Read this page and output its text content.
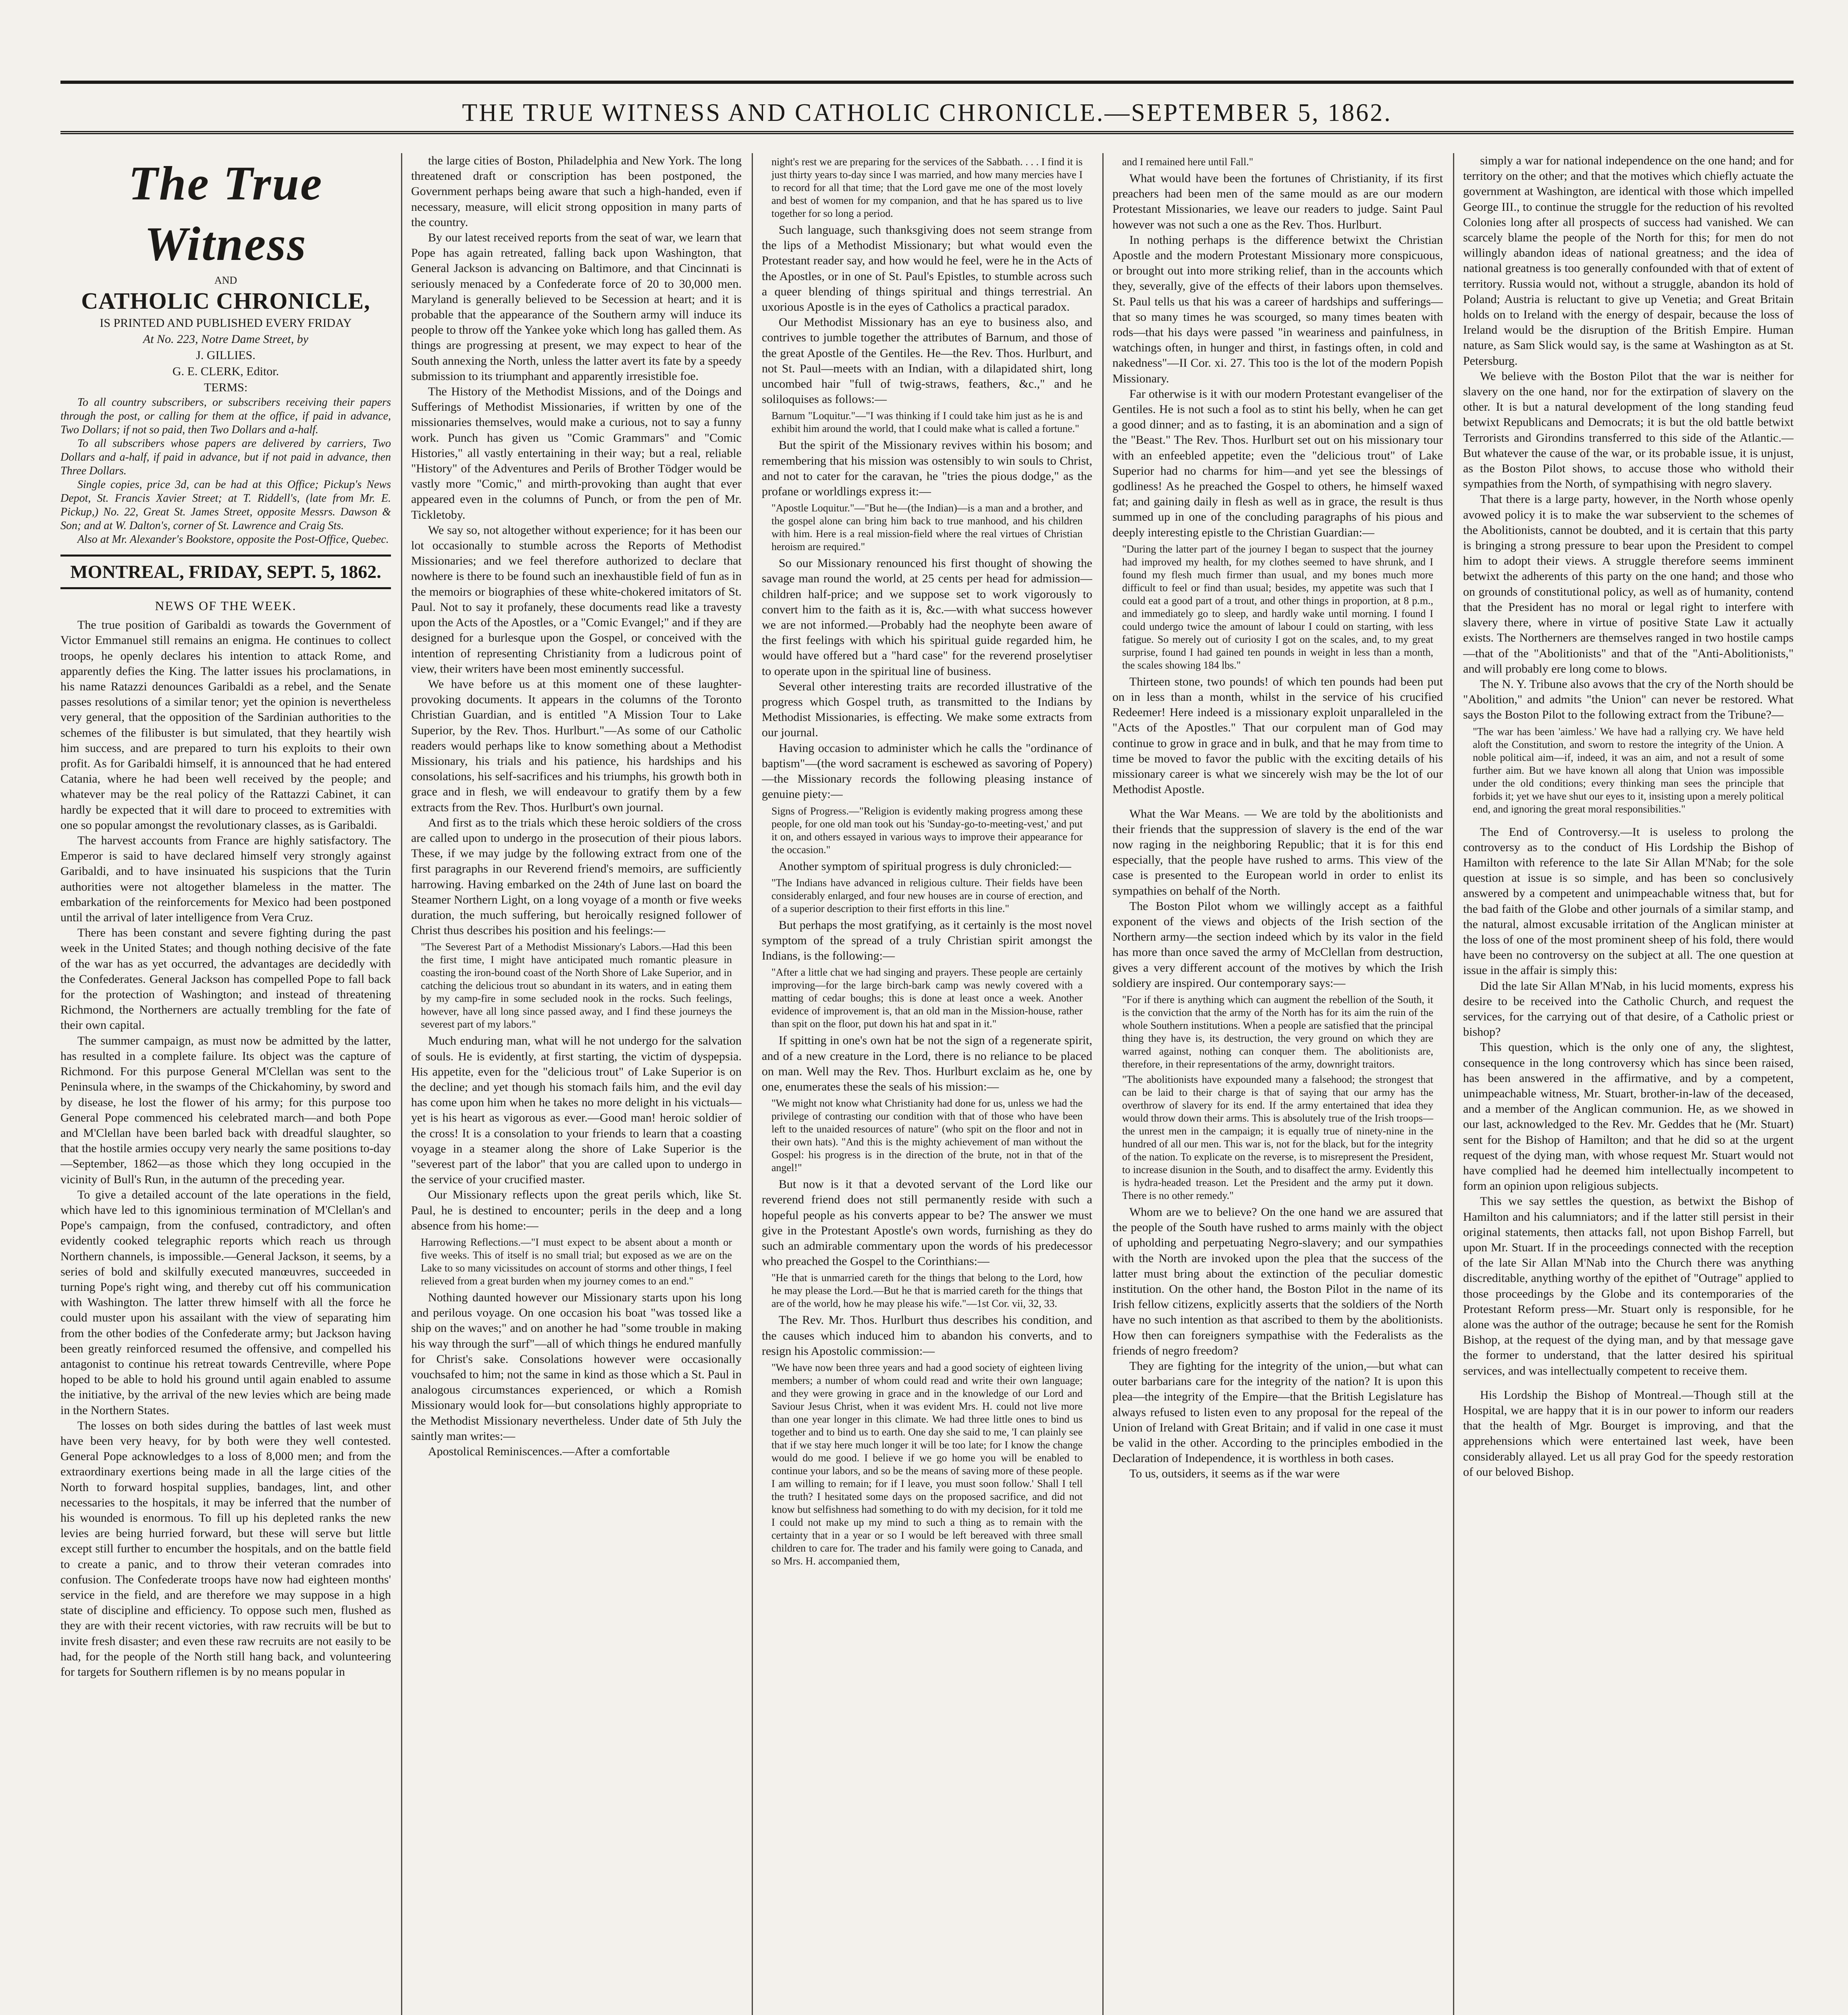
THE TRUE WITNESS AND CATHOLIC CHRONICLE.—SEPTEMBER 5, 1862.
The True Witness
AND
CATHOLIC CHRONICLE,
IS PRINTED AND PUBLISHED EVERY FRIDAY
At No. 223, Notre Dame Street, by
J. GILLIES.
G. E. CLERK, Editor.
TERMS:

To all country subscribers, or subscribers receiving their papers through the post, or calling for them at the office, if paid in advance, Two Dollars; if not so paid, then Two Dollars and a-half.

To all subscribers whose papers are delivered by carriers, Two Dollars and a-half, if paid in advance, but if not paid in advance, then Three Dollars.

Single copies, price 3d, can be had at this Office; Pickup's News Depot, St. Francis Xavier Street; at T. Riddell's, (late from Mr. E. Pickup,) No. 22, Great St. James Street, opposite Messrs. Dawson & Son; and at W. Dalton's, corner of St. Lawrence and Craig Sts.

Also at Mr. Alexander's Bookstore, opposite the Post-Office, Quebec.

MONTREAL, FRIDAY, SEPT. 5, 1862.

NEWS OF THE WEEK.

The true position of Garibaldi as towards the Government of Victor Emmanuel still remains an enigma. He continues to collect troops, he openly declares his intention to attack Rome, and apparently defies the King. The latter issues his proclamations, in his name Ratazzi denounces Garibaldi as a rebel, and the Senate passes resolutions of a similar tenor; yet the opinion is nevertheless very general, that the opposition of the Sardinian authorities to the schemes of the filibuster is but simulated, that they heartily wish him success, and are prepared to turn his exploits to their own profit. As for Garibaldi himself, it is announced that he had entered Catania, where he had been well received by the people; and whatever may be the real policy of the Rattazzi Cabinet, it can hardly be expected that it will dare to proceed to extremities with one so popular amongst the revolutionary classes, as is Garibaldi.

The harvest accounts from France are highly satisfactory. The Emperor is said to have declared himself very strongly against Garibaldi, and to have insinuated his suspicions that the Turin authorities were not altogether blameless in the matter. The embarkation of the reinforcements for Mexico had been postponed until the arrival of later intelligence from Vera Cruz.

There has been constant and severe fighting during the past week in the United States; and though nothing decisive of the fate of the war has as yet occurred, the advantages are decidedly with the Confederates. General Jackson has compelled Pope to fall back for the protection of Washington; and instead of threatening Richmond, the Northerners are actually trembling for the fate of their own capital.

The summer campaign, as must now be admitted by the latter, has resulted in a complete failure. Its object was the capture of Richmond. For this purpose General M'Clellan was sent to the Peninsula where, in the swamps of the Chickahominy, by sword and by disease, he lost the flower of his army; for this purpose too General Pope commenced his celebrated march—and both Pope and M'Clellan have been barled back with dreadful slaughter, so that the hostile armies occupy very nearly the same positions to-day—September, 1862—as those which they long occupied in the vicinity of Bull's Run, in the autumn of the preceding year.

To give a detailed account of the late operations in the field, which have led to this ignominious termination of M'Clellan's and Pope's campaign, from the confused, contradictory, and often evidently cooked telegraphic reports which reach us through Northern channels, is impossible.—General Jackson, it seems, by a series of bold and skilfully executed manœuvres, succeeded in turning Pope's right wing, and thereby cut off his communication with Washington. The latter threw himself with all the force he could muster upon his assailant with the view of separating him from the other bodies of the Confederate army; but Jackson having been greatly reinforced resumed the offensive, and compelled his antagonist to continue his retreat towards Centreville, where Pope hoped to be able to hold his ground until again enabled to assume the initiative, by the arrival of the new levies which are being made in the Northern States.

The losses on both sides during the battles of last week must have been very heavy, for by both were they well contested. General Pope acknowledges to a loss of 8,000 men; and from the extraordinary exertions being made in all the large cities of the North to forward hospital supplies, bandages, lint, and other necessaries to the hospitals, it may be inferred that the number of his wounded is enormous. To fill up his depleted ranks the new levies are being hurried forward, but these will serve but little except still further to encumber the hospitals, and on the battle field to create a panic, and to throw their veteran comrades into confusion. The Confederate troops have now had eighteen months' service in the field, and are therefore we may suppose in a high state of discipline and efficiency. To oppose such men, flushed as they are with their recent victories, with raw recruits will be but to invite fresh disaster; and even these raw recruits are not easily to be had, for the people of the North still hang back, and volunteering for targets for Southern riflemen is by no means popular in

the large cities of Boston, Philadelphia and New York. The long threatened draft or conscription has been postponed, the Government perhaps being aware that such a high-handed, even if necessary, measure, will elicit strong opposition in many parts of the country.

By our latest received reports from the seat of war, we learn that Pope has again retreated, falling back upon Washington, that General Jackson is advancing on Baltimore, and that Cincinnati is seriously menaced by a Confederate force of 20 to 30,000 men. Maryland is generally believed to be Secession at heart; and it is probable that the appearance of the Southern army will induce its people to throw off the Yankee yoke which long has galled them. As things are progressing at present, we may expect to hear of the South annexing the North, unless the latter avert its fate by a speedy submission to its triumphant and apparently irresistible foe.

The History of the Methodist Missions, and of the Doings and Sufferings of Methodist Missionaries, if written by one of the missionaries themselves, would make a curious, not to say a funny work. Punch has given us "Comic Grammars" and "Comic Histories," all vastly entertaining in their way; but a real, reliable "History" of the Adventures and Perils of Brother Tödger would be vastly more "Comic," and mirth-provoking than aught that ever appeared even in the columns of Punch, or from the pen of Mr. Tickletoby.

We say so, not altogether without experience; for it has been our lot occasionally to stumble across the Reports of Methodist Missionaries; and we feel therefore authorized to declare that nowhere is there to be found such an inexhaustible field of fun as in the memoirs or biographies of these white-chokered imitators of St. Paul. Not to say it profanely, these documents read like a travesty upon the Acts of the Apostles, or a "Comic Evangel;" and if they are designed for a burlesque upon the Gospel, or conceived with the intention of representing Christianity from a ludicrous point of view, their writers have been most eminently successful.

We have before us at this moment one of these laughter-provoking documents. It appears in the columns of the Toronto Christian Guardian, and is entitled "A Mission Tour to Lake Superior, by the Rev. Thos. Hurlburt."—As some of our Catholic readers would perhaps like to know something about a Methodist Missionary, his trials and his patience, his hardships and his consolations, his self-sacrifices and his triumphs, his growth both in grace and in flesh, we will endeavour to gratify them by a few extracts from the Rev. Thos. Hurlburt's own journal.

And first as to the trials which these heroic soldiers of the cross are called upon to undergo in the prosecution of their pious labors. These, if we may judge by the following extract from one of the first paragraphs in our Reverend friend's memoirs, are sufficiently harrowing. Having embarked on the 24th of June last on board the Steamer Northern Light, on a long voyage of a month or five weeks duration, the much suffering, but heroically resigned follower of Christ thus describes his position and his feelings:—

"The Severest Part of a Methodist Missionary's Labors.—Had this been the first time, I might have anticipated much romantic pleasure in coasting the iron-bound coast of the North Shore of Lake Superior, and in catching the delicious trout so abundant in its waters, and in eating them by my camp-fire in some secluded nook in the rocks. Such feelings, however, have all long since passed away, and I find these journeys the severest part of my labors."

Much enduring man, what will he not undergo for the salvation of souls. He is evidently, at first starting, the victim of dyspepsia. His appetite, even for the "delicious trout" of Lake Superior is on the decline; and yet though his stomach fails him, and the evil day has come upon him when he takes no more delight in his victuals—yet is his heart as vigorous as ever.—Good man! heroic soldier of the cross! It is a consolation to your friends to learn that a coasting voyage in a steamer along the shore of Lake Superior is the "severest part of the labor" that you are called upon to undergo in the service of your crucified master.

Our Missionary reflects upon the great perils which, like St. Paul, he is destined to encounter; perils in the deep and a long absence from his home:—

Harrowing Reflections.—"I must expect to be absent about a month or five weeks. This of itself is no small trial; but exposed as we are on the Lake to so many vicissitudes on account of storms and other things, I feel relieved from a great burden when my journey comes to an end."

Nothing daunted however our Missionary starts upon his long and perilous voyage. On one occasion his boat "was tossed like a ship on the waves;" and on another he had "some trouble in making his way through the surf"—all of which things he endured manfully for Christ's sake. Consolations however were occasionally vouchsafed to him; not the same in kind as those which a St. Paul in analogous circumstances experienced, or which a Romish Missionary would look for—but consolations highly appropriate to the Methodist Missionary nevertheless. Under date of 5th July the saintly man writes:—

Apostolical Reminiscences.—After a comfortable

night's rest we are preparing for the services of the Sabbath. . . . I find it is just thirty years to-day since I was married, and how many mercies have I to record for all that time; that the Lord gave me one of the most lovely and best of women for my companion, and that he has spared us to live together for so long a period.

Such language, such thanksgiving does not seem strange from the lips of a Methodist Missionary; but what would even the Protestant reader say, and how would he feel, were he in the Acts of the Apostles, or in one of St. Paul's Epistles, to stumble across such a queer blending of things spiritual and things terrestrial. An uxorious Apostle is in the eyes of Catholics a practical paradox.

Our Methodist Missionary has an eye to business also, and contrives to jumble together the attributes of Barnum, and those of the great Apostle of the Gentiles. He—the Rev. Thos. Hurlburt, and not St. Paul—meets with an Indian, with a dilapidated shirt, long uncombed hair "full of twig-straws, feathers, &c.," and he soliloquises as follows:—

Barnum "Loquitur."—"I was thinking if I could take him just as he is and exhibit him around the world, that I could make what is called a fortune."

But the spirit of the Missionary revives within his bosom; and remembering that his mission was ostensibly to win souls to Christ, and not to cater for the caravan, he "tries the pious dodge," as the profane or worldlings express it:—

"Apostle Loquitur."—"But he—(the Indian)—is a man and a brother, and the gospel alone can bring him back to true manhood, and his children with him. Here is a real mission-field where the real virtues of Christian heroism are required."

So our Missionary renounced his first thought of showing the savage man round the world, at 25 cents per head for admission—children half-price; and we suppose set to work vigorously to convert him to the faith as it is, &c.—with what success however we are not informed.—Probably had the neophyte been aware of the first feelings with which his spiritual guide regarded him, he would have offered but a "hard case" for the reverend proselytiser to operate upon in the spiritual line of business.

Several other interesting traits are recorded illustrative of the progress which Gospel truth, as transmitted to the Indians by Methodist Missionaries, is effecting. We make some extracts from our journal.

Having occasion to administer which he calls the "ordinance of baptism"—(the word sacrament is eschewed as savoring of Popery)—the Missionary records the following pleasing instance of genuine piety:—

Signs of Progress.—"Religion is evidently making progress among these people, for one old man took out his 'Sunday-go-to-meeting-vest,' and put it on, and others essayed in various ways to improve their appearance for the occasion."

Another symptom of spiritual progress is duly chronicled:—

"The Indians have advanced in religious culture. Their fields have been considerably enlarged, and four new houses are in course of erection, and of a superior description to their first efforts in this line."

But perhaps the most gratifying, as it certainly is the most novel symptom of the spread of a truly Christian spirit amongst the Indians, is the following:—

"After a little chat we had singing and prayers. These people are certainly improving—for the large birch-bark camp was newly covered with a matting of cedar boughs; this is done at least once a week. Another evidence of improvement is, that an old man in the Mission-house, rather than spit on the floor, put down his hat and spat in it."

If spitting in one's own hat be not the sign of a regenerate spirit, and of a new creature in the Lord, there is no reliance to be placed on man. Well may the Rev. Thos. Hurlburt exclaim as he, one by one, enumerates these the seals of his mission:—

"We might not know what Christianity had done for us, unless we had the privilege of contrasting our condition with that of those who have been left to the unaided resources of nature" (who spit on the floor and not in their own hats). "And this is the mighty achievement of man without the Gospel: his progress is in the direction of the brute, not in that of the angel!"

But now is it that a devoted servant of the Lord like our reverend friend does not still permanently reside with such a hopeful people as his converts appear to be? The answer we must give in the Protestant Apostle's own words, furnishing as they do such an admirable commentary upon the words of his predecessor who preached the Gospel to the Corinthians:—

"He that is unmarried careth for the things that belong to the Lord, how he may please the Lord.—But he that is married careth for the things that are of the world, how he may please his wife."—1st Cor. vii, 32, 33.

The Rev. Mr. Thos. Hurlburt thus describes his condition, and the causes which induced him to abandon his converts, and to resign his Apostolic commission:—

"We have now been three years and had a good society of eighteen living members; a number of whom could read and write their own language; and they were growing in grace and in the knowledge of our Lord and Saviour Jesus Christ, when it was evident Mrs. H. could not live more than one year longer in this climate. We had three little ones to bind us together and to bind us to earth. One day she said to me, 'I can plainly see that if we stay here much longer it will be too late; for I know the change would do me good. I believe if we go home you will be enabled to continue your labors, and so be the means of saving more of these people. I am willing to remain; for if I leave, you must soon follow.' Shall I tell the truth? I hesitated some days on the proposed sacrifice, and did not know but selfishness had something to do with my decision, for it told me I could not make up my mind to such a thing as to remain with the certainty that in a year or so I would be left bereaved with three small children to care for. The trader and his family were going to Canada, and so Mrs. H. accompanied them,

and I remained here until Fall."

What would have been the fortunes of Christianity, if its first preachers had been men of the same mould as are our modern Protestant Missionaries, we leave our readers to judge. Saint Paul however was not such a one as the Rev. Thos. Hurlburt.

In nothing perhaps is the difference betwixt the Christian Apostle and the modern Protestant Missionary more conspicuous, or brought out into more striking relief, than in the accounts which they, severally, give of the effects of their labors upon themselves. St. Paul tells us that his was a career of hardships and sufferings—that so many times he was scourged, so many times beaten with rods—that his days were passed "in weariness and painfulness, in watchings often, in hunger and thirst, in fastings often, in cold and nakedness"—II Cor. xi. 27. This too is the lot of the modern Popish Missionary.

Far otherwise is it with our modern Protestant evangeliser of the Gentiles. He is not such a fool as to stint his belly, when he can get a good dinner; and as to fasting, it is an abomination and a sign of the "Beast." The Rev. Thos. Hurlburt set out on his missionary tour with an enfeebled appetite; even the "delicious trout" of Lake Superior had no charms for him—and yet see the blessings of godliness! As he preached the Gospel to others, he himself waxed fat; and gaining daily in flesh as well as in grace, the result is thus summed up in one of the concluding paragraphs of his pious and deeply interesting epistle to the Christian Guardian:—

"During the latter part of the journey I began to suspect that the journey had improved my health, for my clothes seemed to have shrunk, and I found my flesh much firmer than usual, and my bones much more difficult to feel or find than usual; besides, my appetite was such that I could eat a good part of a trout, and other things in proportion, at 8 p.m., and immediately go to sleep, and hardly wake until morning. I found I could undergo twice the amount of labour I could on starting, with less fatigue. So merely out of curiosity I got on the scales, and, to my great surprise, found I had gained ten pounds in weight in less than a month, the scales showing 184 lbs."

Thirteen stone, two pounds! of which ten pounds had been put on in less than a month, whilst in the service of his crucified Redeemer! Here indeed is a missionary exploit unparalleled in the "Acts of the Apostles." That our corpulent man of God may continue to grow in grace and in bulk, and that he may from time to time be moved to favor the public with the exciting details of his missionary career is what we sincerely wish may be the lot of our Methodist Apostle.

What the War Means. — We are told by the abolitionists and their friends that the suppression of slavery is the end of the war now raging in the neighboring Republic; that it is for this end especially, that the people have rushed to arms. This view of the case is presented to the European world in order to enlist its sympathies on behalf of the North.

The Boston Pilot whom we willingly accept as a faithful exponent of the views and objects of the Irish section of the Northern army—the section indeed which by its valor in the field has more than once saved the army of McClellan from destruction, gives a very different account of the motives by which the Irish soldiery are inspired. Our contemporary says:—

"For if there is anything which can augment the rebellion of the South, it is the conviction that the army of the North has for its aim the ruin of the whole Southern institutions. When a people are satisfied that the principal thing they have is, its destruction, the very ground on which they are warred against, nothing can conquer them. The abolitionists are, therefore, in their representations of the army, downright traitors.

"The abolitionists have expounded many a falsehood; the strongest that can be laid to their charge is that of saying that our army has the overthrow of slavery for its end. If the army entertained that idea they would throw down their arms. This is absolutely true of the Irish troops—the unrest men in the campaign; it is equally true of ninety-nine in the hundred of all our men. This war is, not for the black, but for the integrity of the nation. To explicate on the reverse, is to misrepresent the President, to increase disunion in the South, and to disaffect the army. Evidently this is hydra-headed treason. Let the President and the army put it down. There is no other remedy."

Whom are we to believe? On the one hand we are assured that the people of the South have rushed to arms mainly with the object of upholding and perpetuating Negro-slavery; and our sympathies with the North are invoked upon the plea that the success of the latter must bring about the extinction of the peculiar domestic institution. On the other hand, the Boston Pilot in the name of its Irish fellow citizens, explicitly asserts that the soldiers of the North have no such intention as that ascribed to them by the abolitionists. How then can foreigners sympathise with the Federalists as the friends of negro freedom?

They are fighting for the integrity of the union,—but what can outer barbarians care for the integrity of the nation? It is upon this plea—the integrity of the Empire—that the British Legislature has always refused to listen even to any proposal for the repeal of the Union of Ireland with Great Britain; and if valid in one case it must be valid in the other. According to the principles embodied in the Declaration of Independence, it is worthless in both cases.

To us, outsiders, it seems as if the war were

simply a war for national independence on the one hand; and for territory on the other; and that the motives which chiefly actuate the government at Washington, are identical with those which impelled George III., to continue the struggle for the reduction of his revolted Colonies long after all prospects of success had vanished. We can scarcely blame the people of the North for this; for men do not willingly abandon ideas of national greatness; and the idea of national greatness is too generally confounded with that of extent of territory. Russia would not, without a struggle, abandon its hold of Poland; Austria is reluctant to give up Venetia; and Great Britain holds on to Ireland with the energy of despair, because the loss of Ireland would be the disruption of the British Empire. Human nature, as Sam Slick would say, is the same at Washington as at St. Petersburg.

We believe with the Boston Pilot that the war is neither for slavery on the one hand, nor for the extirpation of slavery on the other. It is but a natural development of the long standing feud betwixt Republicans and Democrats; it is but the old battle betwixt Terrorists and Girondins transferred to this side of the Atlantic.—But whatever the cause of the war, or its probable issue, it is unjust, as the Boston Pilot shows, to accuse those who withold their sympathies from the North, of sympathising with negro slavery.

That there is a large party, however, in the North whose openly avowed policy it is to make the war subservient to the schemes of the Abolitionists, cannot be doubted, and it is certain that this party is bringing a strong pressure to bear upon the President to compel him to adopt their views. A struggle therefore seems imminent betwixt the adherents of this party on the one hand; and those who on grounds of constitutional policy, as well as of humanity, contend that the President has no moral or legal right to interfere with slavery there, where in virtue of positive State Law it actually exists. The Northerners are themselves ranged in two hostile camps—that of the "Abolitionists" and that of the "Anti-Abolitionists," and will probably ere long come to blows.

The N. Y. Tribune also avows that the cry of the North should be "Abolition," and admits "the Union" can never be restored. What says the Boston Pilot to the following extract from the Tribune?—

"The war has been 'aimless.' We have had a rallying cry. We have held aloft the Constitution, and sworn to restore the integrity of the Union. A noble political aim—if, indeed, it was an aim, and not a result of some further aim. But we have known all along that Union was impossible under the old conditions; every thinking man sees the principle that forbids it; yet we have shut our eyes to it, insisting upon a merely political end, and ignoring the great moral responsibilities."

The End of Controversy.—It is useless to prolong the controversy as to the conduct of His Lordship the Bishop of Hamilton with reference to the late Sir Allan M'Nab; for the sole question at issue is so simple, and has been so conclusively answered by a competent and unimpeachable witness that, but for the bad faith of the Globe and other journals of a similar stamp, and the natural, almost excusable irritation of the Anglican minister at the loss of one of the most prominent sheep of his fold, there would have been no controversy on the subject at all. The one question at issue in the affair is simply this:

Did the late Sir Allan M'Nab, in his lucid moments, express his desire to be received into the Catholic Church, and request the services, for the carrying out of that desire, of a Catholic priest or bishop?

This question, which is the only one of any, the slightest, consequence in the long controversy which has since been raised, has been answered in the affirmative, and by a competent, unimpeachable witness, Mr. Stuart, brother-in-law of the deceased, and a member of the Anglican communion. He, as we showed in our last, acknowledged to the Rev. Mr. Geddes that he (Mr. Stuart) sent for the Bishop of Hamilton; and that he did so at the urgent request of the dying man, with whose request Mr. Stuart would not have complied had he deemed him intellectually incompetent to form an opinion upon religious subjects.

This we say settles the question, as betwixt the Bishop of Hamilton and his calumniators; and if the latter still persist in their original statements, then attacks fall, not upon Bishop Farrell, but upon Mr. Stuart. If in the proceedings connected with the reception of the late Sir Allan M'Nab into the Church there was anything discreditable, anything worthy of the epithet of "Outrage" applied to those proceedings by the Globe and its contemporaries of the Protestant Reform press—Mr. Stuart only is responsible, for he alone was the author of the outrage; because he sent for the Romish Bishop, at the request of the dying man, and by that message gave the former to understand, that the latter desired his spiritual services, and was intellectually competent to receive them.

His Lordship the Bishop of Montreal.—Though still at the Hospital, we are happy that it is in our power to inform our readers that the health of Mgr. Bourget is improving, and that the apprehensions which were entertained last week, have been considerably allayed. Let us all pray God for the speedy restoration of our beloved Bishop.
